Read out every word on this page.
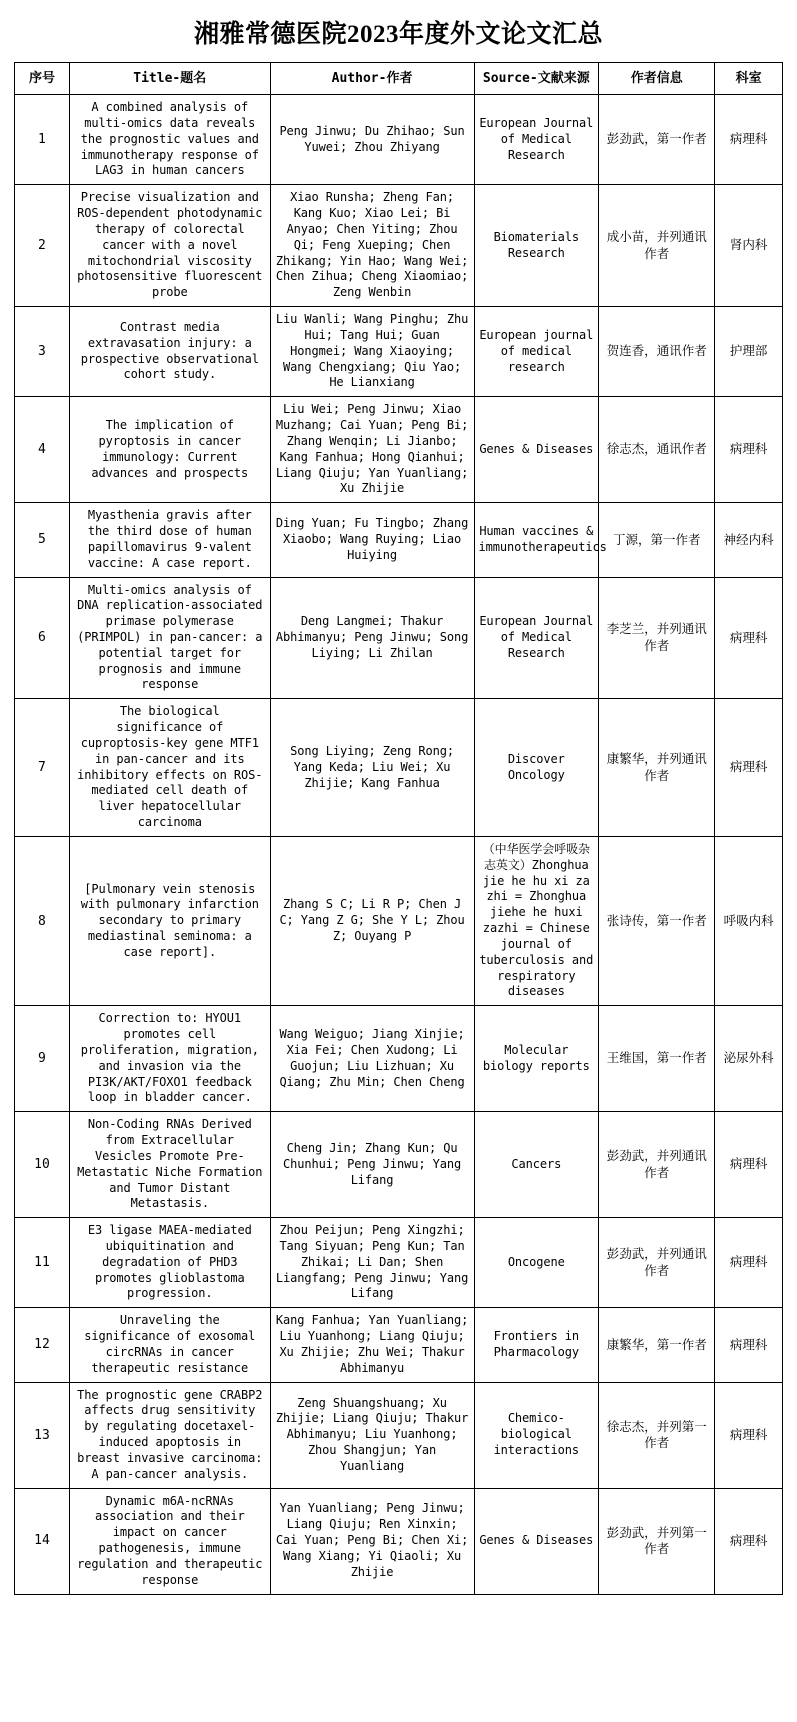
湘雅常德医院2023年度外文论文汇总
序号	Title-题名	Author-作者	Source-文献来源	作者信息	科室
1	A combined analysis of multi-omics data reveals the prognostic values and immunotherapy response of LAG3 in human cancers	Peng Jinwu; Du Zhihao; Sun Yuwei; Zhou Zhiyang	European Journal of Medical Research	彭劲武，第一作者	病理科
2	Precise visualization and ROS-dependent photodynamic therapy of colorectal cancer with a novel mitochondrial viscosity photosensitive fluorescent probe	Xiao Runsha; Zheng Fan; Kang Kuo; Xiao Lei; Bi Anyao; Chen Yiting; Zhou Qi; Feng Xueping; Chen Zhikang; Yin Hao; Wang Wei; Chen Zihua; Cheng Xiaomiao; Zeng Wenbin	Biomaterials Research	成小苗，并列通讯作者	肾内科
3	Contrast media extravasation injury: a prospective observational cohort study.	Liu Wanli; Wang Pinghu; Zhu Hui; Tang Hui; Guan Hongmei; Wang Xiaoying; Wang Chengxiang; Qiu Yao; He Lianxiang	European journal of medical research	贺连香，通讯作者	护理部
4	The implication of pyroptosis in cancer immunology: Current advances and prospects	Liu Wei; Peng Jinwu; Xiao Muzhang; Cai Yuan; Peng Bi; Zhang Wenqin; Li Jianbo; Kang Fanhua; Hong Qianhui; Liang Qiuju; Yan Yuanliang; Xu Zhijie	Genes & Diseases	徐志杰，通讯作者	病理科
5	Myasthenia gravis after the third dose of human papillomavirus 9-valent vaccine: A case report.	Ding Yuan; Fu Tingbo; Zhang Xiaobo; Wang Ruying; Liao Huiying	Human vaccines & immunotherapeutics	丁源，第一作者	神经内科
6	Multi-omics analysis of DNA replication-associated primase polymerase (PRIMPOL) in pan-cancer: a potential target for prognosis and immune response	Deng Langmei; Thakur Abhimanyu; Peng Jinwu; Song Liying; Li Zhilan	European Journal of Medical Research	李芝兰，并列通讯作者	病理科
7	The biological significance of cuproptosis-key gene MTF1 in pan-cancer and its inhibitory effects on ROS-mediated cell death of liver hepatocellular carcinoma	Song Liying; Zeng Rong; Yang Keda; Liu Wei; Xu Zhijie; Kang Fanhua	Discover Oncology	康繁华，并列通讯作者	病理科
8	[Pulmonary vein stenosis with pulmonary infarction secondary to primary mediastinal seminoma: a case report].	Zhang S C; Li R P; Chen J C; Yang Z G; She Y L; Zhou Z; Ouyang P	（中华医学会呼吸杂志英文）Zhonghua jie he hu xi za zhi = Zhonghua jiehe he huxi zazhi = Chinese journal of tuberculosis and respiratory diseases	张诗传，第一作者	呼吸内科
9	Correction to: HYOU1 promotes cell proliferation, migration, and invasion via the PI3K/AKT/FOXO1 feedback loop in bladder cancer.	Wang Weiguo; Jiang Xinjie; Xia Fei; Chen Xudong; Li Guojun; Liu Lizhuan; Xu Qiang; Zhu Min; Chen Cheng	Molecular biology reports	王维国，第一作者	泌尿外科
10	Non-Coding RNAs Derived from Extracellular Vesicles Promote Pre-Metastatic Niche Formation and Tumor Distant Metastasis.	Cheng Jin; Zhang Kun; Qu Chunhui; Peng Jinwu; Yang Lifang	Cancers	彭劲武，并列通讯作者	病理科
11	E3 ligase MAEA-mediated ubiquitination and degradation of PHD3 promotes glioblastoma progression.	Zhou Peijun; Peng Xingzhi; Tang Siyuan; Peng Kun; Tan Zhikai; Li Dan; Shen Liangfang; Peng Jinwu; Yang Lifang	Oncogene	彭劲武，并列通讯作者	病理科
12	Unraveling the significance of exosomal circRNAs in cancer therapeutic resistance	Kang Fanhua; Yan Yuanliang; Liu Yuanhong; Liang Qiuju; Xu Zhijie; Zhu Wei; Thakur Abhimanyu	Frontiers in Pharmacology	康繁华，第一作者	病理科
13	The prognostic gene CRABP2 affects drug sensitivity by regulating docetaxel-induced apoptosis in breast invasive carcinoma: A pan-cancer analysis.	Zeng Shuangshuang; Xu Zhijie; Liang Qiuju; Thakur Abhimanyu; Liu Yuanhong; Zhou Shangjun; Yan Yuanliang	Chemico-biological interactions	徐志杰，并列第一作者	病理科
14	Dynamic m6A-ncRNAs association and their impact on cancer pathogenesis, immune regulation and therapeutic response	Yan Yuanliang; Peng Jinwu; Liang Qiuju; Ren Xinxin; Cai Yuan; Peng Bi; Chen Xi; Wang Xiang; Yi Qiaoli; Xu Zhijie	Genes & Diseases	彭劲武，并列第一作者	病理科
